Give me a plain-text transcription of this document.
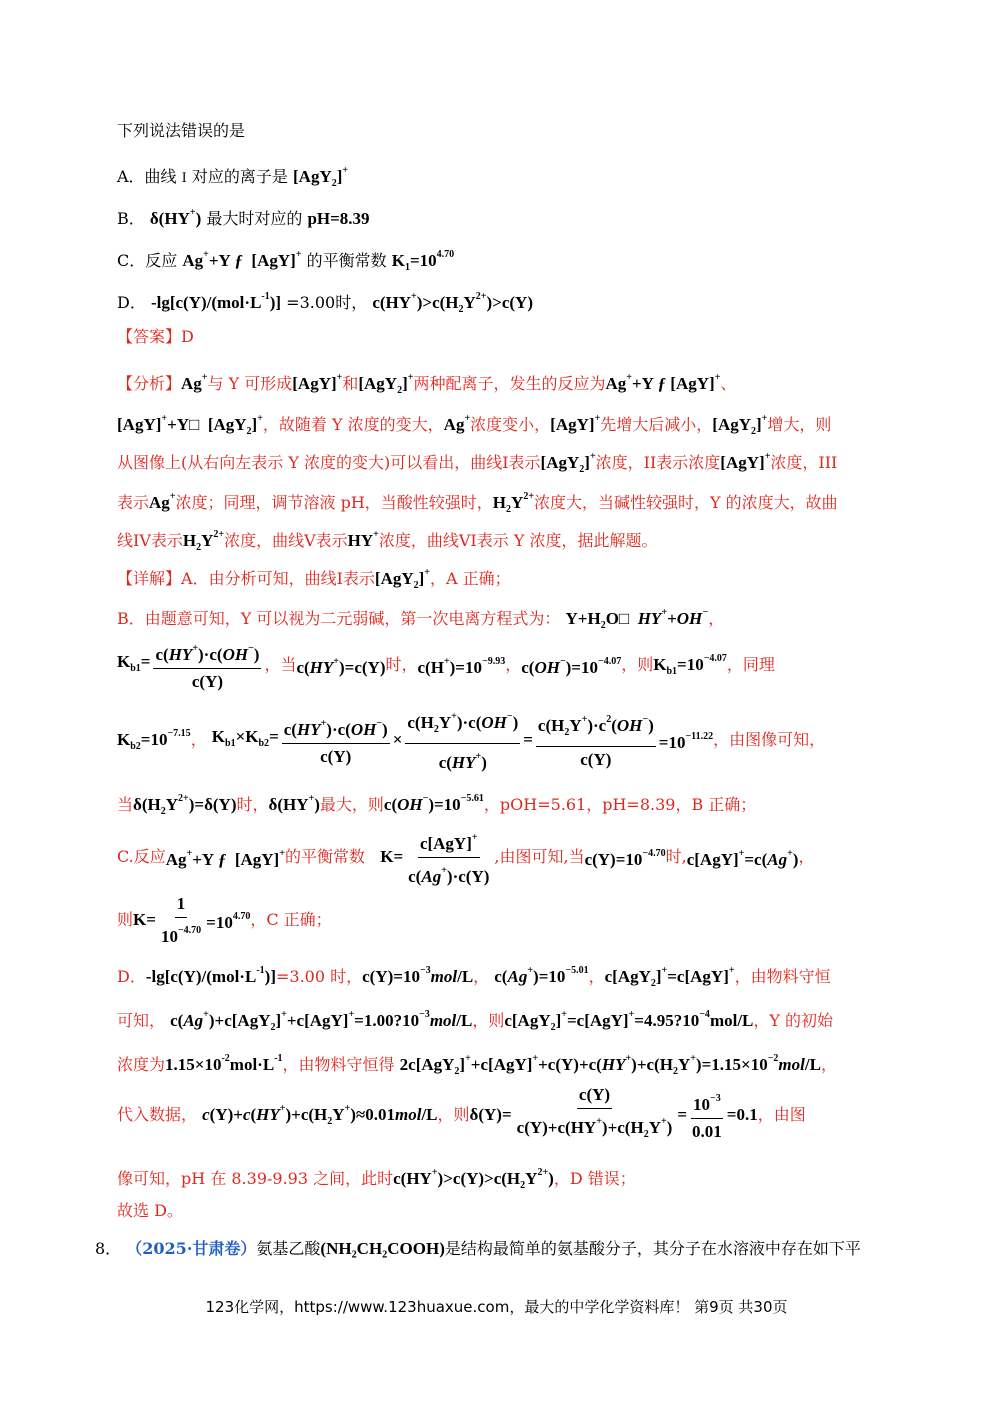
下列说法错误的是
A．曲线 I 对应的离子是 [AgY$_2$]+
B． δ(HY+) 最大时对应的 pH=8.39
C．反应 Ag++Y ƒ  [AgY]+ 的平衡常数 $K_1=10^{4.70}$
D． $-\lg[c(Y)/(mol\cdot L^{-1})] =3.00$时， $c(HY^+)>c(H_2Y^{2+})>c(Y)$
【答案】D
【分析】Ag+与 Y 可形成[AgY]+和[AgY$_2$]+两种配离子，发生的反应为Ag++Y ƒ [AgY]+、
[AgY]++Y□  [AgY$_2$]+，故随着 Y 浓度的变大，Ag+浓度变小，[AgY]+先增大后减小，[AgY$_2$]+增大，则
从图像上(从右向左表示 Y 浓度的变大)可以看出，曲线I表示[AgY$_2$]+浓度，II表示浓度[AgY]+浓度，III
表示Ag+浓度；同理，调节溶液 pH，当酸性较强时，$H_2Y^{2+}$浓度大，当碱性较强时，Y 的浓度大，故曲
线IV表示$H_2Y^{2+}$浓度，曲线V表示HY+浓度，曲线VI表示 Y 浓度，据此解题。
【详解】A．由分析可知，曲线I表示[AgY$_2$]+，A 正确；
B．由题意可知，Y 可以视为二元弱碱，第一次电离方程式为： $Y+H_2O□$  HY++OH−，
$K_{b1}= \frac{c(HY^+)\cdot c(OH^-)}{c(Y)}$ ，当 c(HY+)=c(Y) 时， $c(H^+)=10^{-9.93}$ ， $c(OH^-)=10^{-4.07}$ ，则 $K_{b1}=10^{-4.07}$ ，同理
$K_{b2}=10^{-7.15}$ ， $K_{b1}\times K_{b2}= \frac{c(HY^+)\cdot c(OH^-)}{c(Y)} \times \frac{c(H_2Y^+)\cdot c(OH^-)}{c(HY^+)} = \frac{c(H_2Y^+)\cdot c^2(OH^-)}{c(Y)} =10^{-11.22}$ ，由图像可知，
当$\delta(H_2Y^{2+})=\delta(Y)$时，δ(HY+)最大，则$c(OH^-)=10^{-5.61}$，pOH=5.61，pH=8.39，B 正确；
C.反应 Ag++Y ƒ  [AgY]+ 的平衡常数
$K= \frac{c[AgY]^+}{c(Ag^+)\cdot c(Y)}$ ,由图可知,当 $c(Y)=10^{-4.70}$ 时, c[AgY]+=c(Ag+) ，
则 $K= \frac{1}{10^{-4.70}} =10^{4.70}$ ，C 正确；
D．$-\lg[c(Y)/(mol\cdot L^{-1})]=3.00$ 时，$c(Y)=10^{-3}mol/L$， $c(Ag^+)=10^{-5.01}$，c[AgY$_2$]+=c[AgY]+，由物料守恒
可知， $c(Ag^+)+c[AgY_2]^++c[AgY]^+=1.00?10^{-3}mol/L$，则$c[AgY_2]^+=c[AgY]^+=4.95?10^{-4}mol/L$，Y 的初始
浓度为$1.15\times 10^{-2}mol\cdot L^{-1}$，由物料守恒得 $2c[AgY_2]^++c[AgY]^++c(Y)+c(HY^+)+c(H_2Y^+)=1.15\times 10^{-2}mol/L$，
代入数据，
$c(Y)+c(HY^+)+c(H_2Y^+)\approx 0.01mol/L$ ，则 $\delta(Y)= \frac{c(Y)}{c(Y)+c(HY^+)+c(H_2Y^+)} = \frac{10^{-3}}{0.01} =0.1$ ，由图
像可知，pH 在 8.39-9.93 之间，此时$c(HY^+)>c(Y)>c(H_2Y^{2+})$，D 错误；
故选 D。
8． （2025·甘肃卷）氨基乙酸(NH₂CH₂COOH)是结构最简单的氨基酸分子，其分子在水溶液中存在如下平
123化学网，https://www.123huaxue.com，最大的中学化学资料库！ 第9页 共30页
